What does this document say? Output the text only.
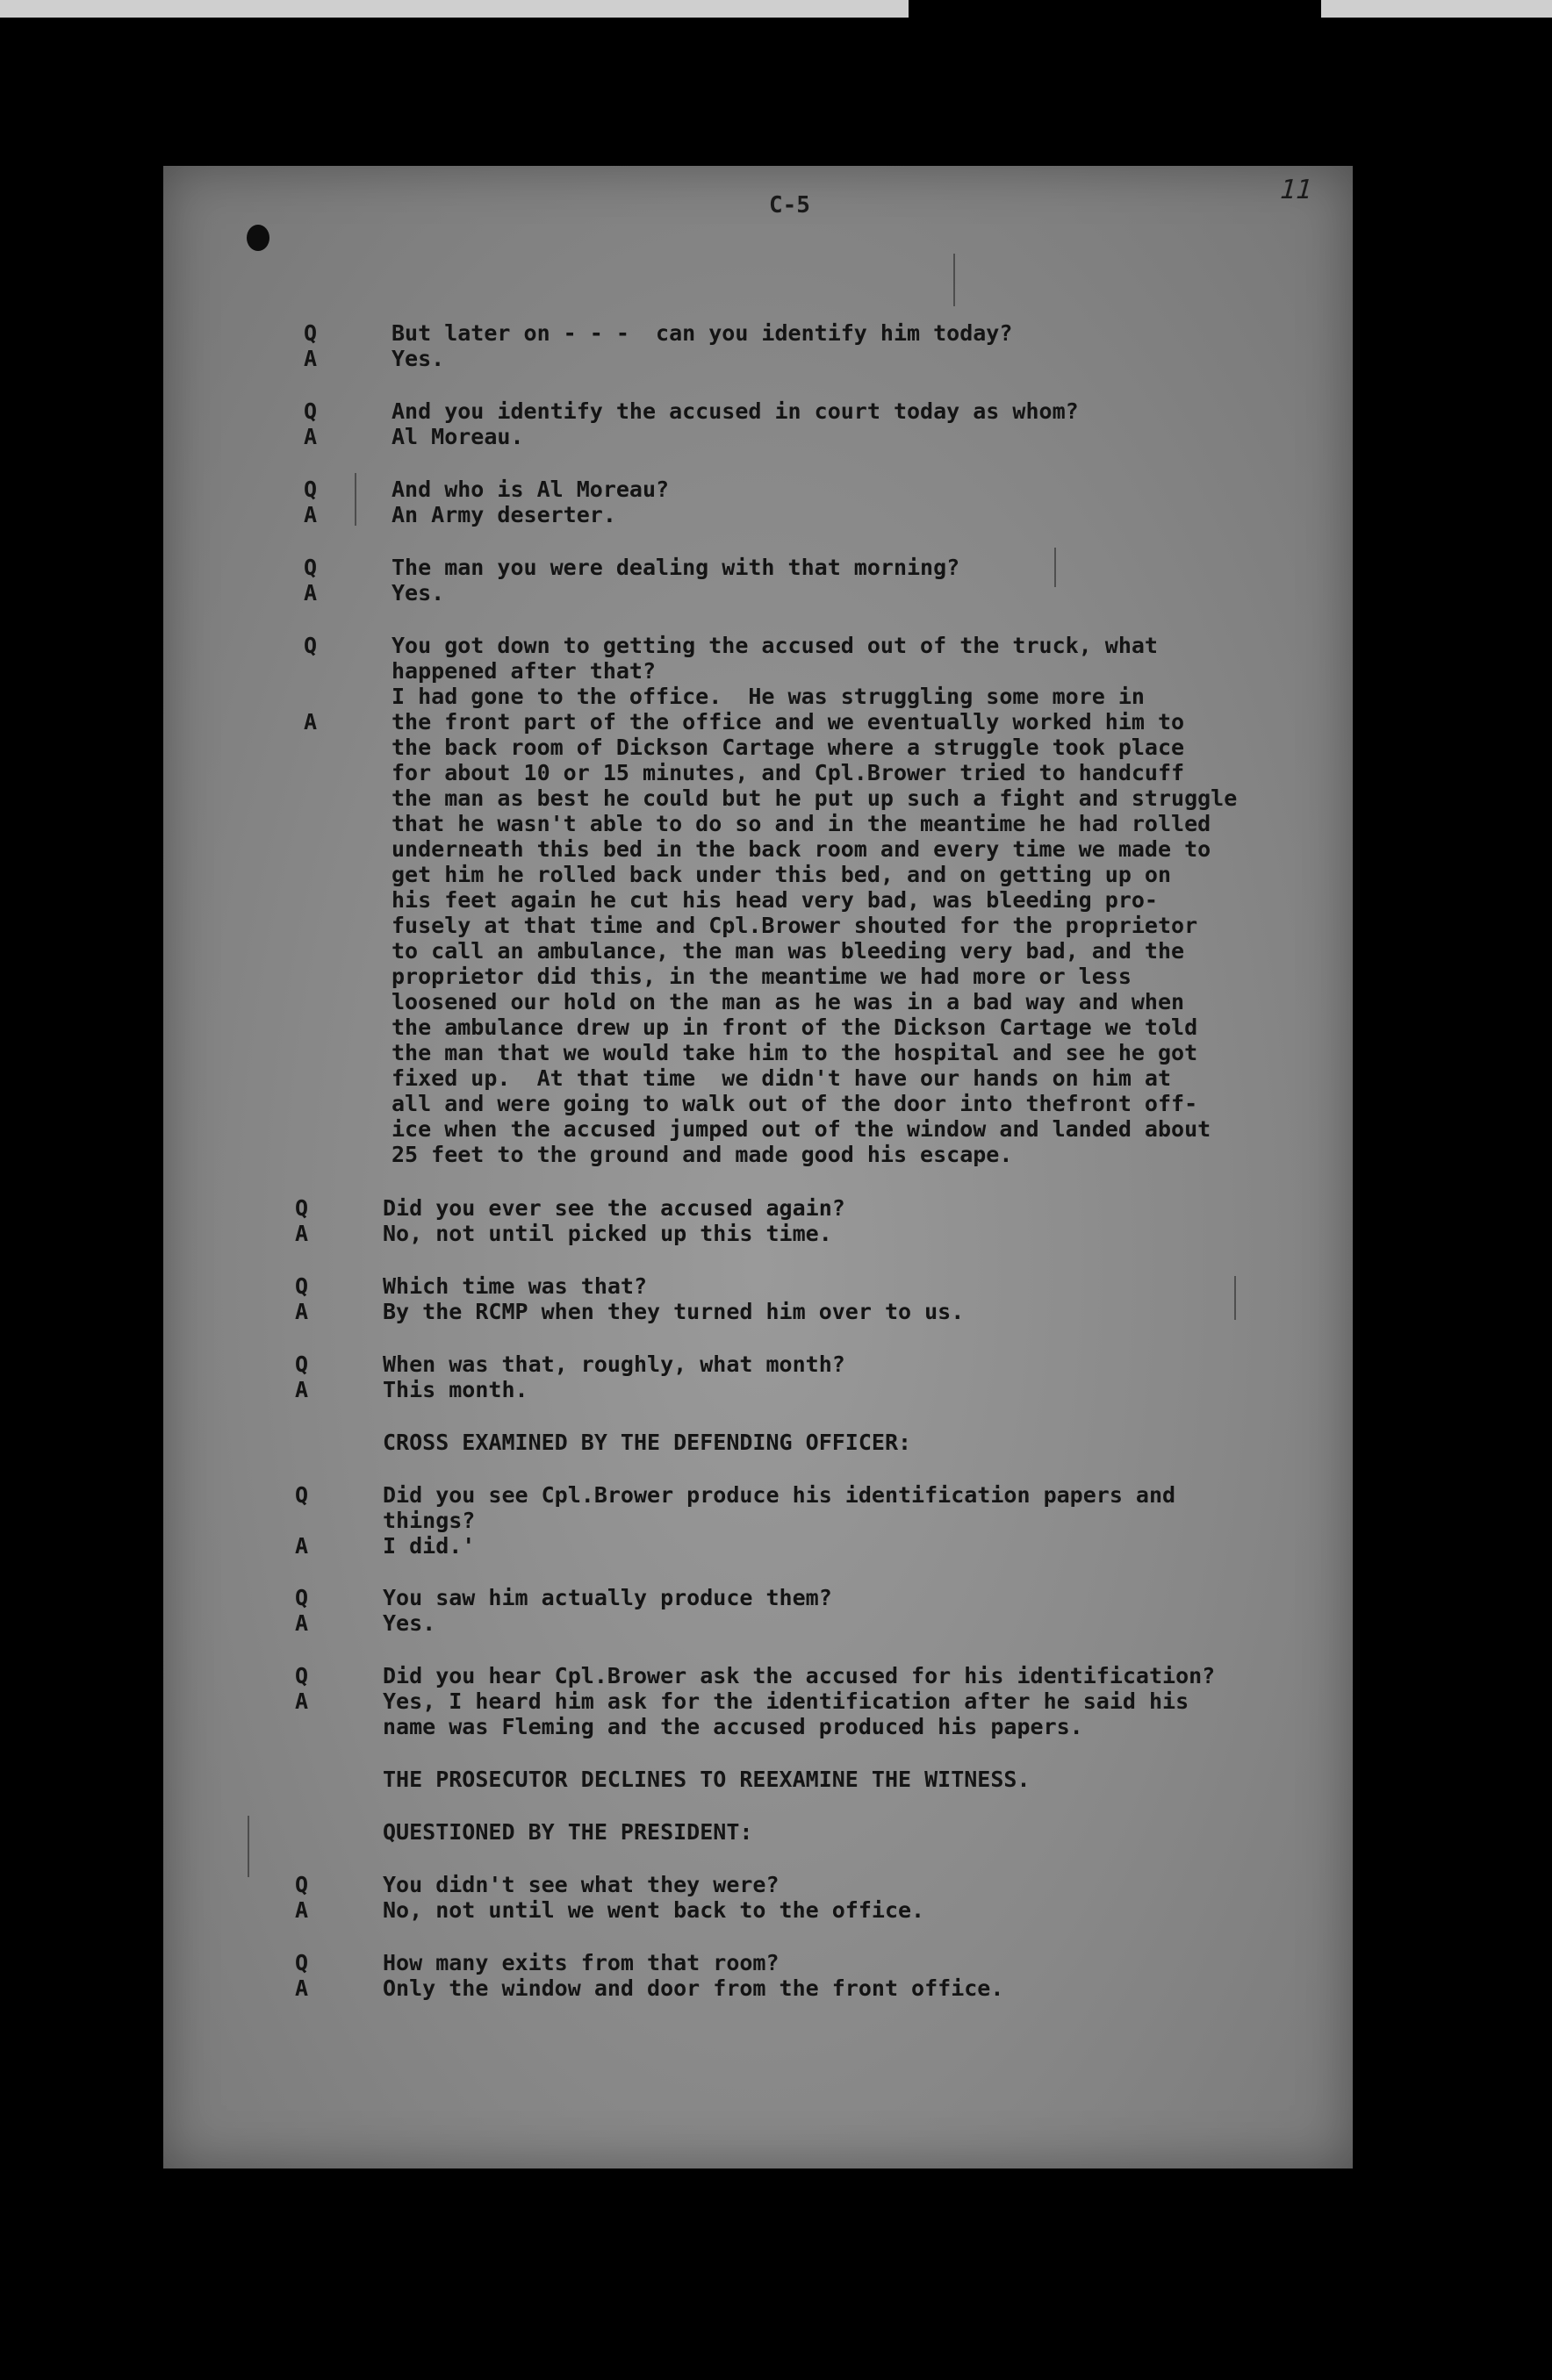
C-5	11
Q	But later on - - -  can you identify him today?
A	Yes.
Q	And you identify the accused in court today as whom?
A	Al Moreau.
Q	And who is Al Moreau?
A	An Army deserter.
Q	The man you were dealing with that morning?
A	Yes.
Q	You got down to getting the accused out of the truck, what
happened after that?
I had gone to the office.  He was struggling some more in
A	the front part of the office and we eventually worked him to
the back room of Dickson Cartage where a struggle took place
for about 10 or 15 minutes, and Cpl.Brower tried to handcuff
the man as best he could but he put up such a fight and struggle
that he wasn't able to do so and in the meantime he had rolled
underneath this bed in the back room and every time we made to
get him he rolled back under this bed, and on getting up on
his feet again he cut his head very bad, was bleeding pro-
fusely at that time and Cpl.Brower shouted for the proprietor
to call an ambulance, the man was bleeding very bad, and the
proprietor did this, in the meantime we had more or less
loosened our hold on the man as he was in a bad way and when
the ambulance drew up in front of the Dickson Cartage we told
the man that we would take him to the hospital and see he got
fixed up.  At that time  we didn't have our hands on him at
all and were going to walk out of the door into thefront off-
ice when the accused jumped out of the window and landed about
25 feet to the ground and made good his escape.
Q	Did you ever see the accused again?
A	No, not until picked up this time.
Q	Which time was that?
A	By the RCMP when they turned him over to us.
Q	When was that, roughly, what month?
A	This month.
CROSS EXAMINED BY THE DEFENDING OFFICER:
Q	Did you see Cpl.Brower produce his identification papers and
things?
A	I did.'
Q	You saw him actually produce them?
A	Yes.
Q	Did you hear Cpl.Brower ask the accused for his identification?
A	Yes, I heard him ask for the identification after he said his
name was Fleming and the accused produced his papers.
THE PROSECUTOR DECLINES TO REEXAMINE THE WITNESS.
QUESTIONED BY THE PRESIDENT:
Q	You didn't see what they were?
A	No, not until we went back to the office.
Q	How many exits from that room?
A	Only the window and door from the front office.
